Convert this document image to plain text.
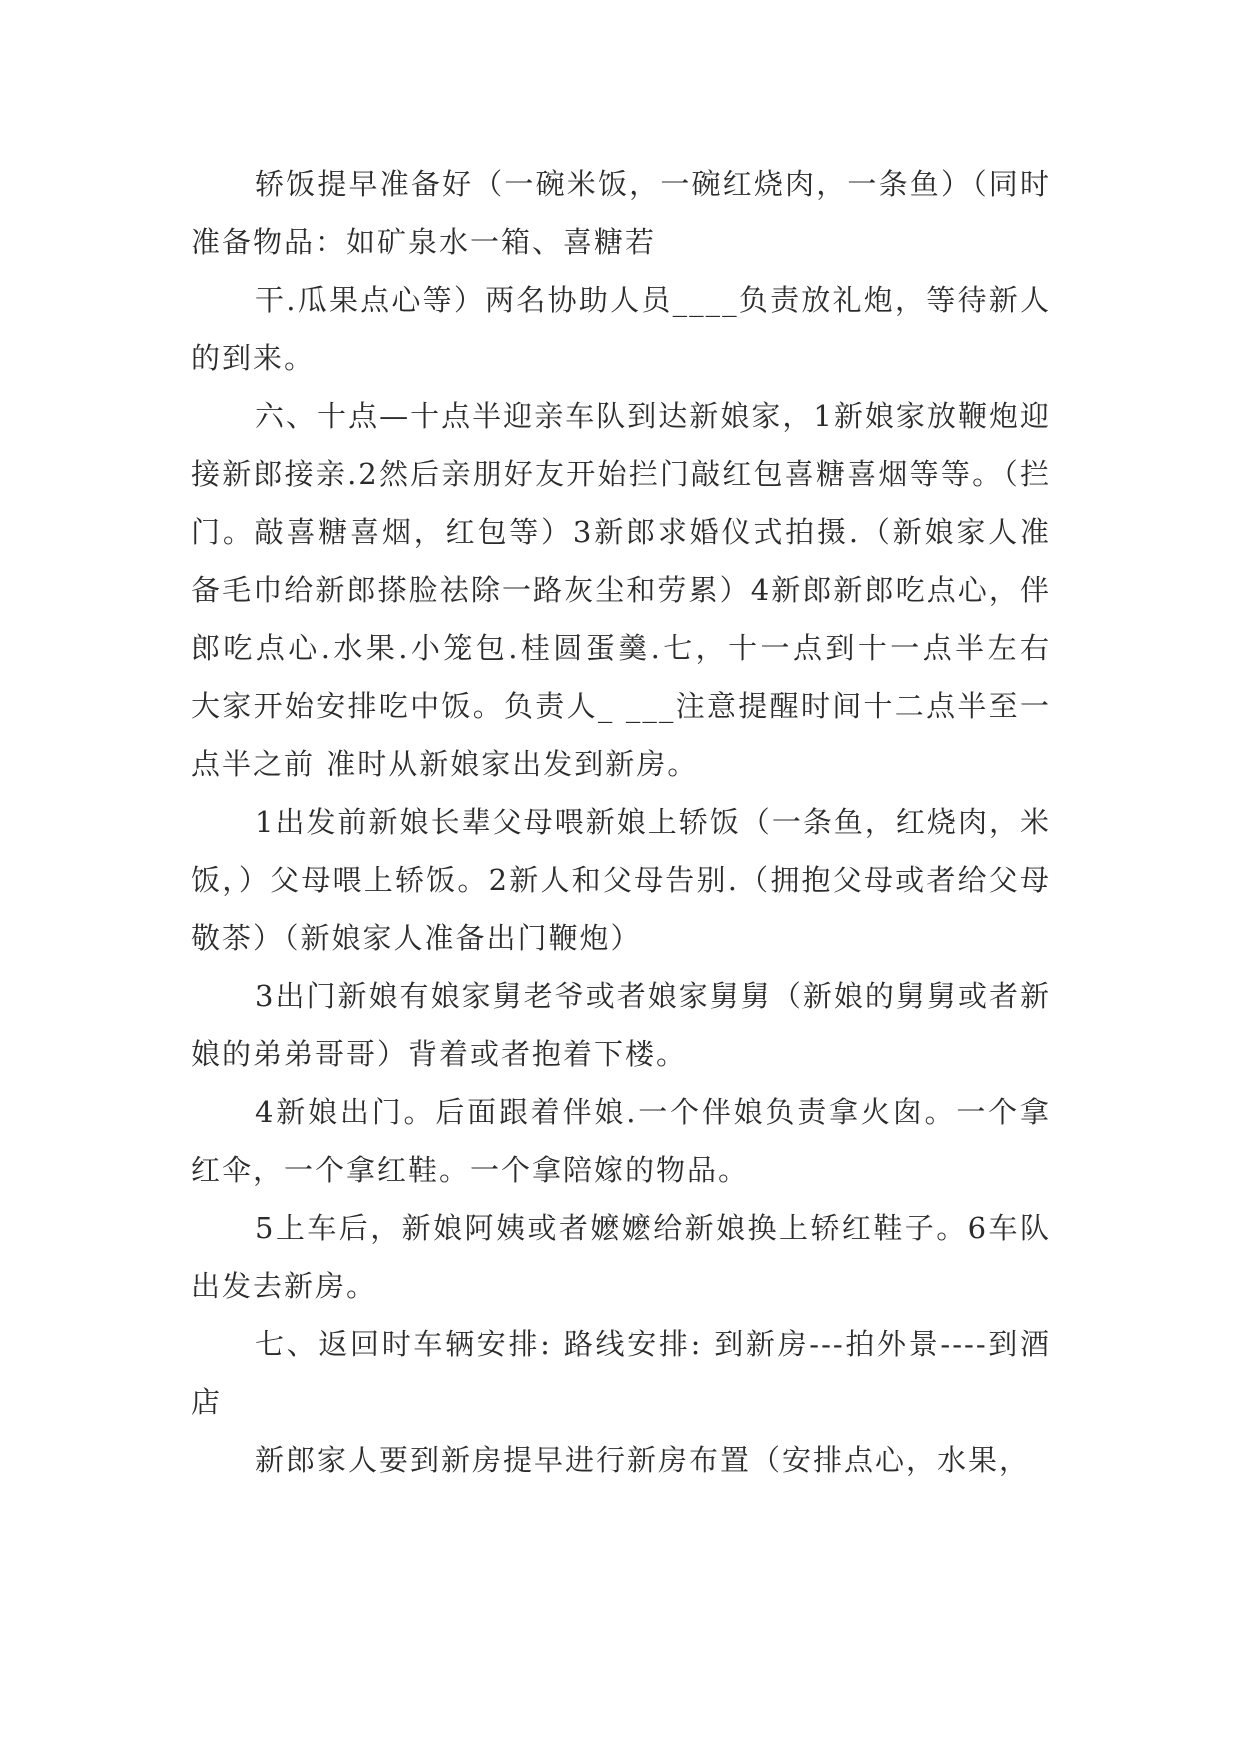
轿饭提早准备好（一碗米饭，一碗红烧肉，一条鱼）（同时准备物品：如矿泉水一箱、喜糖若

干.瓜果点心等）两名协助人员____负责放礼炮，等待新人的到来。

六、十点—十点半迎亲车队到达新娘家，1新娘家放鞭炮迎接新郎接亲.2然后亲朋好友开始拦门敲红包喜糖喜烟等等。（拦门。敲喜糖喜烟，红包等）3新郎求婚仪式拍摄.（新娘家人准备毛巾给新郎搽脸祛除一路灰尘和劳累）4新郎新郎吃点心，伴郎吃点心.水果.小笼包.桂圆蛋羹.七，十一点到十一点半左右 大家开始安排吃中饭。负责人_ ___注意提醒时间十二点半至一点半之前 准时从新娘家出发到新房。

1出发前新娘长辈父母喂新娘上轿饭（一条鱼，红烧肉，米饭，）父母喂上轿饭。2新人和父母告别.（拥抱父母或者给父母敬茶）（新娘家人准备出门鞭炮）

3出门新娘有娘家舅老爷或者娘家舅舅（新娘的舅舅或者新娘的弟弟哥哥）背着或者抱着下楼。

4新娘出门。后面跟着伴娘.一个伴娘负责拿火囱。一个拿红伞，一个拿红鞋。一个拿陪嫁的物品。

5上车后，新娘阿姨或者嬷嬷给新娘换上轿红鞋子。6车队出发去新房。

七、返回时车辆安排: 路线安排: 到新房---拍外景----到酒店

新郎家人要到新房提早进行新房布置（安排点心，水果，
